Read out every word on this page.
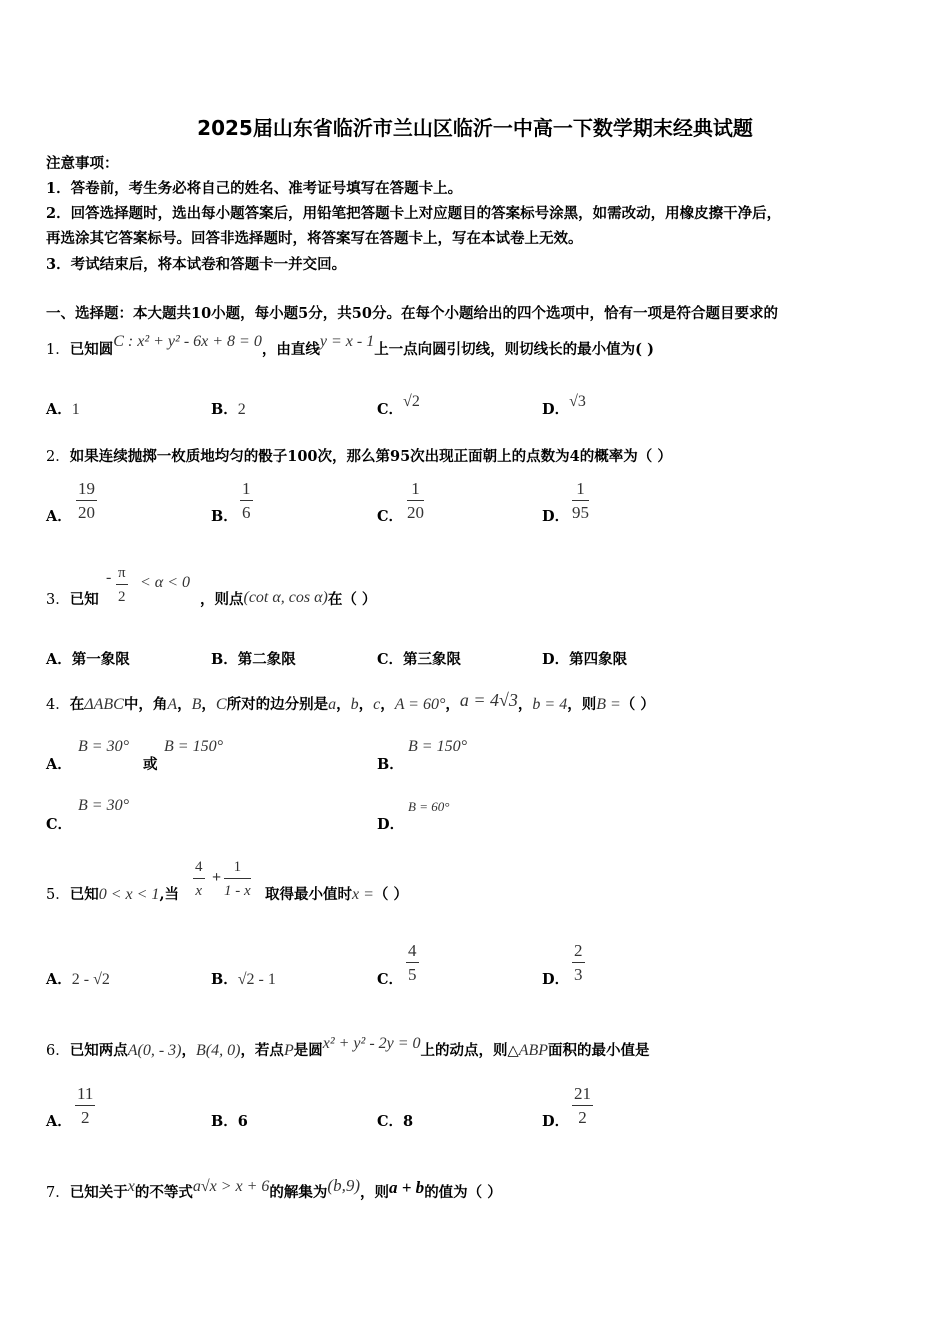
2025届山东省临沂市兰山区临沂一中高一下数学期末经典试题
注意事项：
1．答卷前，考生务必将自己的姓名、准考证号填写在答题卡上。
2．回答选择题时，选出每小题答案后，用铅笔把答题卡上对应题目的答案标号涂黑，如需改动，用橡皮擦干净后，
再选涂其它答案标号。回答非选择题时，将答案写在答题卡上，写在本试卷上无效。
3．考试结束后，将本试卷和答题卡一并交回。
一、选择题：本大题共10小题，每小题5分，共50分。在每个小题给出的四个选项中，恰有一项是符合题目要求的
1．已知圆C : x² + y² - 6x + 8 = 0，由直线y = x - 1上一点向圆引切线，则切线长的最小值为( )
A．1	B．2	C．√2	D．√3
2．如果连续抛掷一枚质地均匀的骰子100次，那么第95次出现正面朝上的点数为4的概率为（ ）
A． $\frac{19}{20}$	B． $\frac{1}{6}$	C． $\frac{1}{20}$	D． $\frac{1}{95}$
3．已知
- $\frac{\pi}{2} < \alpha < 0$
，则点(cot α, cos α)在（ ）
A．第一象限	B．第二象限	C．第三象限	D．第四象限
4．在ΔABC中，角A，B，C所对的边分别是a，b，c，A = 60°，a = 4√3，b = 4，则B =（ ）
A．
B = 30°
或
B = 150°
B．
B = 150°
C．
B = 30°
D．
B = 60°
5．已知0 < x < 1,当 $\frac{4}{x} + \frac{1}{1 - x}$ 取得最小值时x =（ ）
A．2 - √2	B．√2 - 1	C． $\frac{4}{5}$	D． $\frac{2}{3}$
6．已知两点A(0, - 3)，B(4, 0)，若点P是圆x² + y² - 2y = 0上的动点，则△ABP面积的最小值是
A． $\frac{11}{2}$	B．6	C．8	D． $\frac{21}{2}$
7．已知关于x的不等式a√x > x + 6的解集为(b,9)，则a + b的值为（ ）
